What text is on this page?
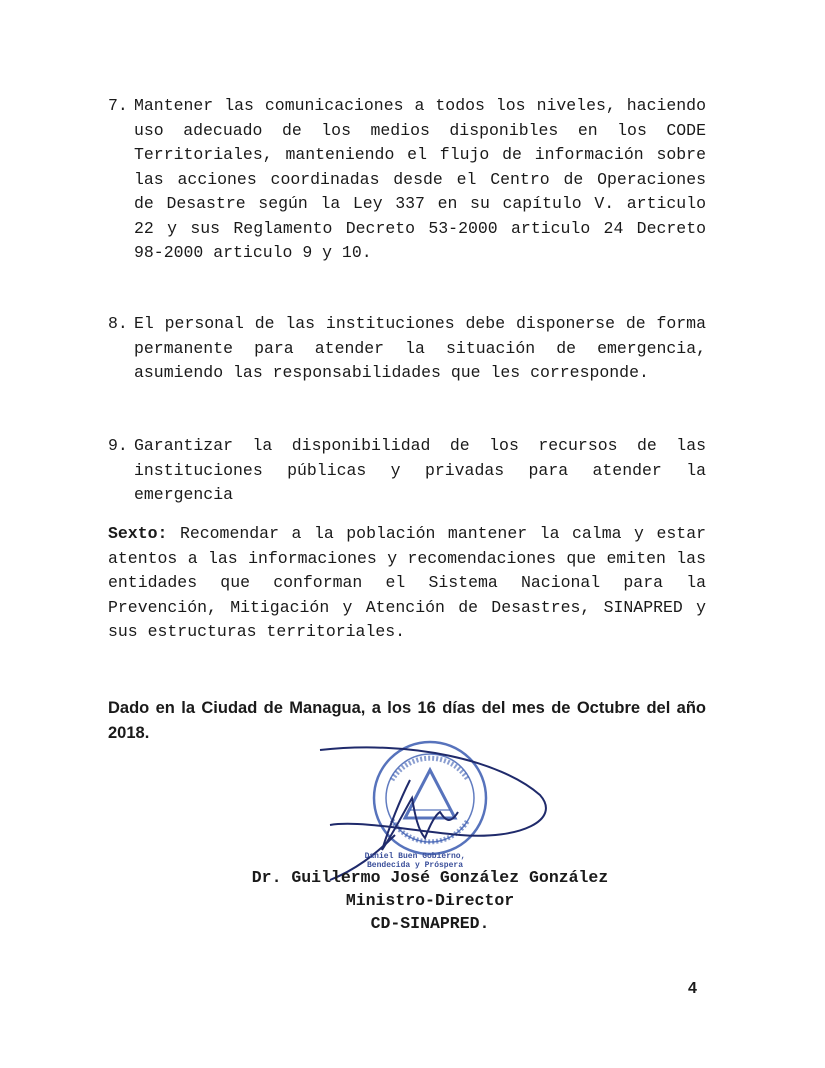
7. Mantener las comunicaciones a todos los niveles, haciendo uso adecuado de los medios disponibles en los CODE Territoriales, manteniendo el flujo de información sobre las acciones coordinadas desde el Centro de Operaciones de Desastre según la Ley 337 en su capítulo V. articulo 22 y sus Reglamento Decreto 53-2000 articulo 24 Decreto 98-2000 articulo 9 y 10.
8. El personal de las instituciones debe disponerse de forma permanente para atender la situación de emergencia, asumiendo las responsabilidades que les corresponde.
9. Garantizar la disponibilidad de los recursos de las instituciones públicas y privadas para atender la emergencia
Sexto: Recomendar a la población mantener la calma y estar atentos a las informaciones y recomendaciones que emiten las entidades que conforman el Sistema Nacional para la Prevención, Mitigación y Atención de Desastres, SINAPRED y sus estructuras territoriales.
Dado en la Ciudad de Managua, a los 16 días del mes de Octubre del año 2018.
Daniel Buen Gobierno,
Bendecida y Próspera
Dr. Guillermo José González González
Ministro-Director
CD-SINAPRED.
4
